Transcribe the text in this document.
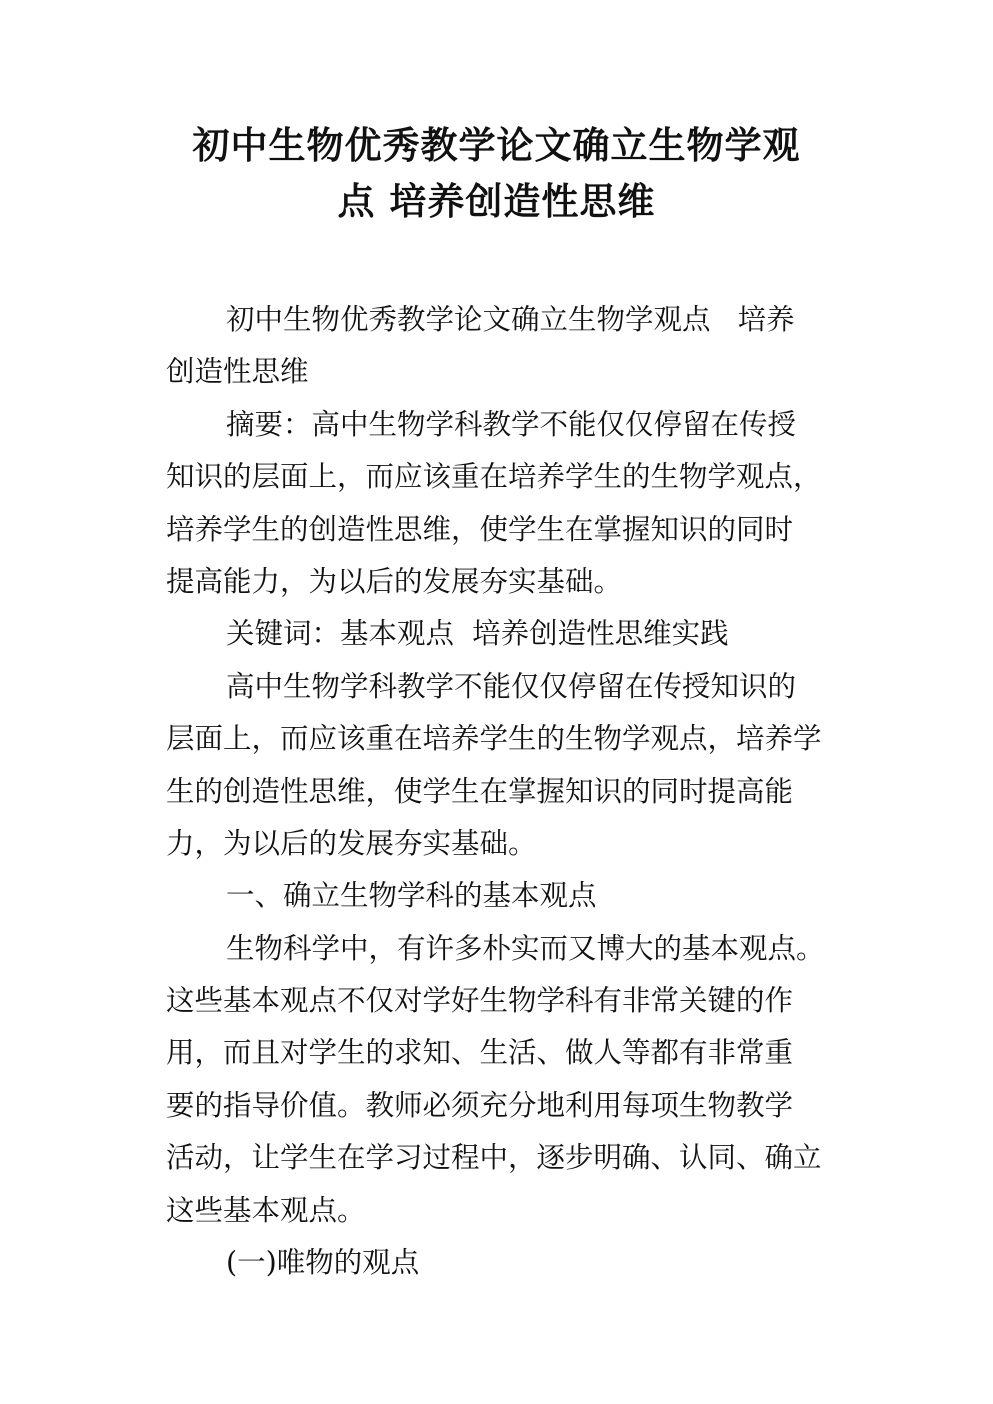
初中生物优秀教学论文确立生物学观
点 培养创造性思维
初中生物优秀教学论文确立生物学观点   培养
创造性思维
摘要：高中生物学科教学不能仅仅停留在传授
知识的层面上，而应该重在培养学生的生物学观点，
培养学生的创造性思维，使学生在掌握知识的同时
提高能力，为以后的发展夯实基础。
关键词：基本观点  培养创造性思维实践
高中生物学科教学不能仅仅停留在传授知识的
层面上，而应该重在培养学生的生物学观点，培养学
生的创造性思维，使学生在掌握知识的同时提高能
力，为以后的发展夯实基础。
一、确立生物学科的基本观点
生物科学中，有许多朴实而又博大的基本观点。
这些基本观点不仅对学好生物学科有非常关键的作
用，而且对学生的求知、生活、做人等都有非常重
要的指导价值。教师必须充分地利用每项生物教学
活动，让学生在学习过程中，逐步明确、认同、确立
这些基本观点。
(一)唯物的观点
